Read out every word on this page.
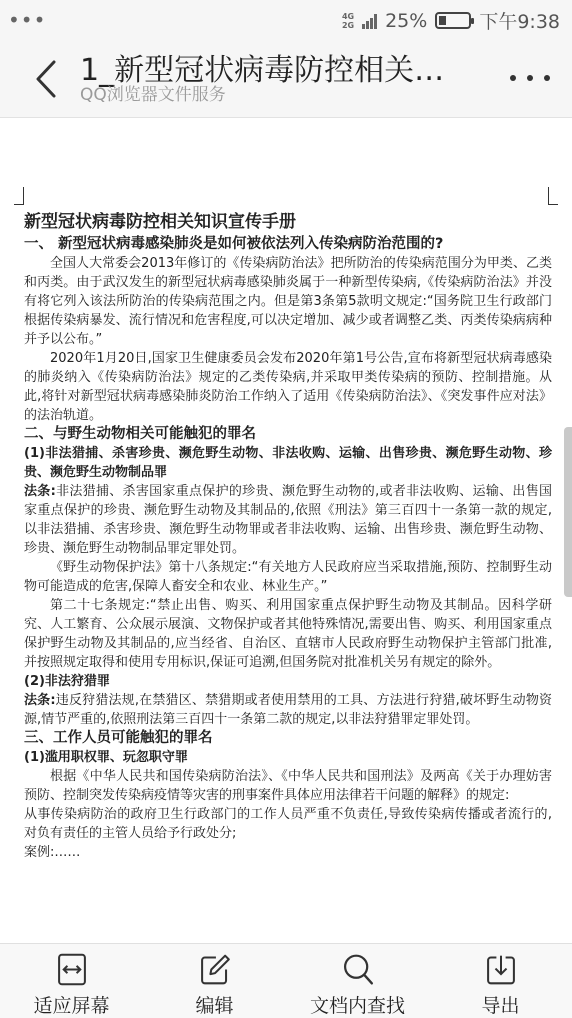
•••	4G
2G 25%	下午9:38
1_新型冠状病毒防控相关…
QQ浏览器文件服务

新型冠状病毒防控相关知识宣传手册

一、 新型冠状病毒感染肺炎是如何被依法列入传染病防治范围的?

全国人大常委会2013年修订的《传染病防治法》把所防治的传染病范围分为甲类、乙类和丙类。由于武汉发生的新型冠状病毒感染肺炎属于一种新型传染病,《传染病防治法》并没有将它列入该法所防治的传染病范围之内。但是第3条第5款明文规定:“国务院卫生行政部门根据传染病暴发、流行情况和危害程度,可以决定增加、减少或者调整乙类、丙类传染病病种并予以公布。”

2020年1月20日,国家卫生健康委员会发布2020年第1号公告,宣布将新型冠状病毒感染的肺炎纳入《传染病防治法》规定的乙类传染病,并采取甲类传染病的预防、控制措施。从此,将针对新型冠状病毒感染肺炎防治工作纳入了适用《传染病防治法》、《突发事件应对法》的法治轨道。

二、与野生动物相关可能触犯的罪名

(1)非法猎捕、杀害珍贵、濒危野生动物、非法收购、运输、出售珍贵、濒危野生动物、珍贵、濒危野生动物制品罪

法条:非法猎捕、杀害国家重点保护的珍贵、濒危野生动物的,或者非法收购、运输、出售国家重点保护的珍贵、濒危野生动物及其制品的,依照《刑法》第三百四十一条第一款的规定,以非法猎捕、杀害珍贵、濒危野生动物罪或者非法收购、运输、出售珍贵、濒危野生动物、珍贵、濒危野生动物制品罪定罪处罚。

《野生动物保护法》第十八条规定:“有关地方人民政府应当采取措施,预防、控制野生动物可能造成的危害,保障人畜安全和农业、林业生产。”

第二十七条规定:“禁止出售、购买、利用国家重点保护野生动物及其制品。因科学研究、人工繁育、公众展示展演、文物保护或者其他特殊情况,需要出售、购买、利用国家重点保护野生动物及其制品的,应当经省、自治区、直辖市人民政府野生动物保护主管部门批准,并按照规定取得和使用专用标识,保证可追溯,但国务院对批准机关另有规定的除外。

(2)非法狩猎罪

法条:违反狩猎法规,在禁猎区、禁猎期或者使用禁用的工具、方法进行狩猎,破坏野生动物资源,情节严重的,依照刑法第三百四十一条第二款的规定,以非法狩猎罪定罪处罚。

三、工作人员可能触犯的罪名

(1)滥用职权罪、玩忽职守罪

根据《中华人民共和国传染病防治法》、《中华人民共和国刑法》及两高《关于办理妨害预防、控制突发传染病疫情等灾害的刑事案件具体应用法律若干问题的解释》的规定:

从事传染病防治的政府卫生行政部门的工作人员严重不负责任,导致传染病传播或者流行的,对负有责任的主管人员给予行政处分;

案例:……

适应屏幕	编辑	文档内查找	导出
